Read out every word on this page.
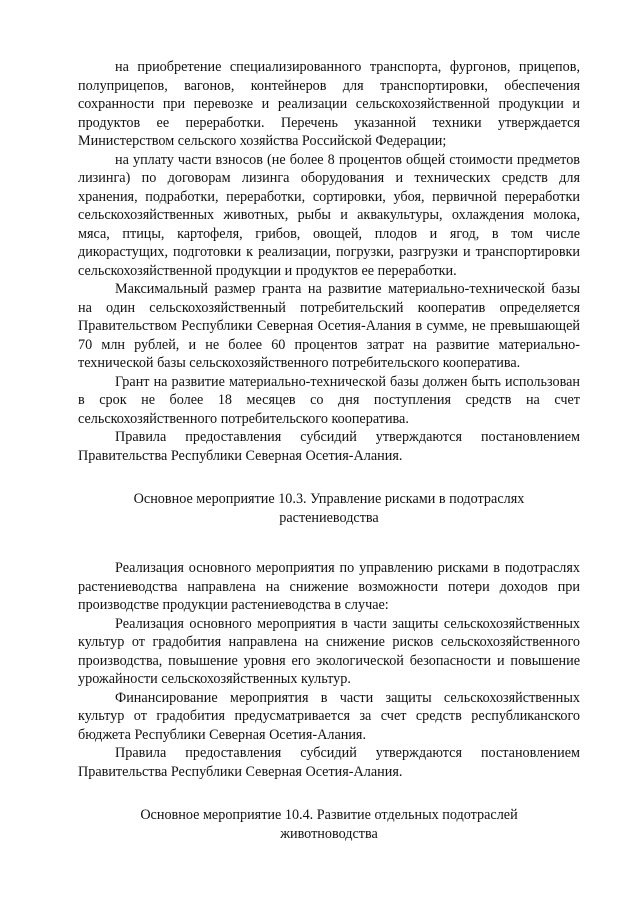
на приобретение специализированного транспорта, фургонов, прицепов, полуприцепов, вагонов, контейнеров для транспортировки, обеспечения сохранности при перевозке и реализации сельскохозяйственной продукции и продуктов ее переработки. Перечень указанной техники утверждается Министерством сельского хозяйства Российской Федерации;

на уплату части взносов (не более 8 процентов общей стоимости предметов лизинга) по договорам лизинга оборудования и технических средств для хранения, подработки, переработки, сортировки, убоя, первичной переработки сельскохозяйственных животных, рыбы и аквакультуры, охлаждения молока, мяса, птицы, картофеля, грибов, овощей, плодов и ягод, в том числе дикорастущих, подготовки к реализации, погрузки, разгрузки и транспортировки сельскохозяйственной продукции и продуктов ее переработки.

Максимальный размер гранта на развитие материально-технической базы на один сельскохозяйственный потребительский кооператив определяется Правительством Республики Северная Осетия-Алания в сумме, не превышающей 70 млн рублей, и не более 60 процентов затрат на развитие материально-технической базы сельскохозяйственного потребительского кооператива.

Грант на развитие материально-технической базы должен быть использован в срок не более 18 месяцев со дня поступления средств на счет сельскохозяйственного потребительского кооператива.

Правила предоставления субсидий утверждаются постановлением Правительства Республики Северная Осетия-Алания.

Основное мероприятие 10.3. Управление рисками в подотраслях растениеводства

Реализация основного мероприятия по управлению рисками в подотраслях растениеводства направлена на снижение возможности потери доходов при производстве продукции растениеводства в случае:

Реализация основного мероприятия в части защиты сельскохозяйственных культур от градобития направлена на снижение рисков сельскохозяйственного производства, повышение уровня его экологической безопасности и повышение урожайности сельскохозяйственных культур.

Финансирование мероприятия в части защиты сельскохозяйственных культур от градобития предусматривается за счет средств республиканского бюджета Республики Северная Осетия-Алания.

Правила предоставления субсидий утверждаются постановлением Правительства Республики Северная Осетия-Алания.

Основное мероприятие 10.4. Развитие отдельных подотраслей животноводства
